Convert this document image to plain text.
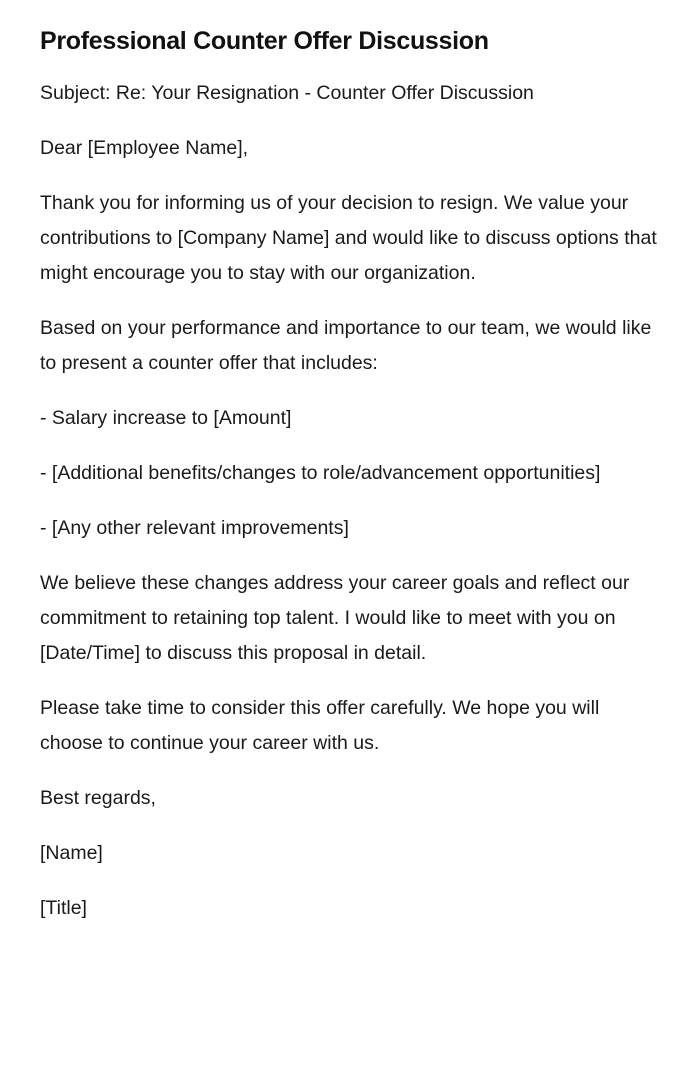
Professional Counter Offer Discussion

Subject: Re: Your Resignation - Counter Offer Discussion

Dear [Employee Name],

Thank you for informing us of your decision to resign. We value your contributions to [Company Name] and would like to discuss options that might encourage you to stay with our organization.

Based on your performance and importance to our team, we would like to present a counter offer that includes:

- Salary increase to [Amount]

- [Additional benefits/changes to role/advancement opportunities]

- [Any other relevant improvements]

We believe these changes address your career goals and reflect our commitment to retaining top talent. I would like to meet with you on [Date/Time] to discuss this proposal in detail.

Please take time to consider this offer carefully. We hope you will choose to continue your career with us.

Best regards,

[Name]

[Title]
